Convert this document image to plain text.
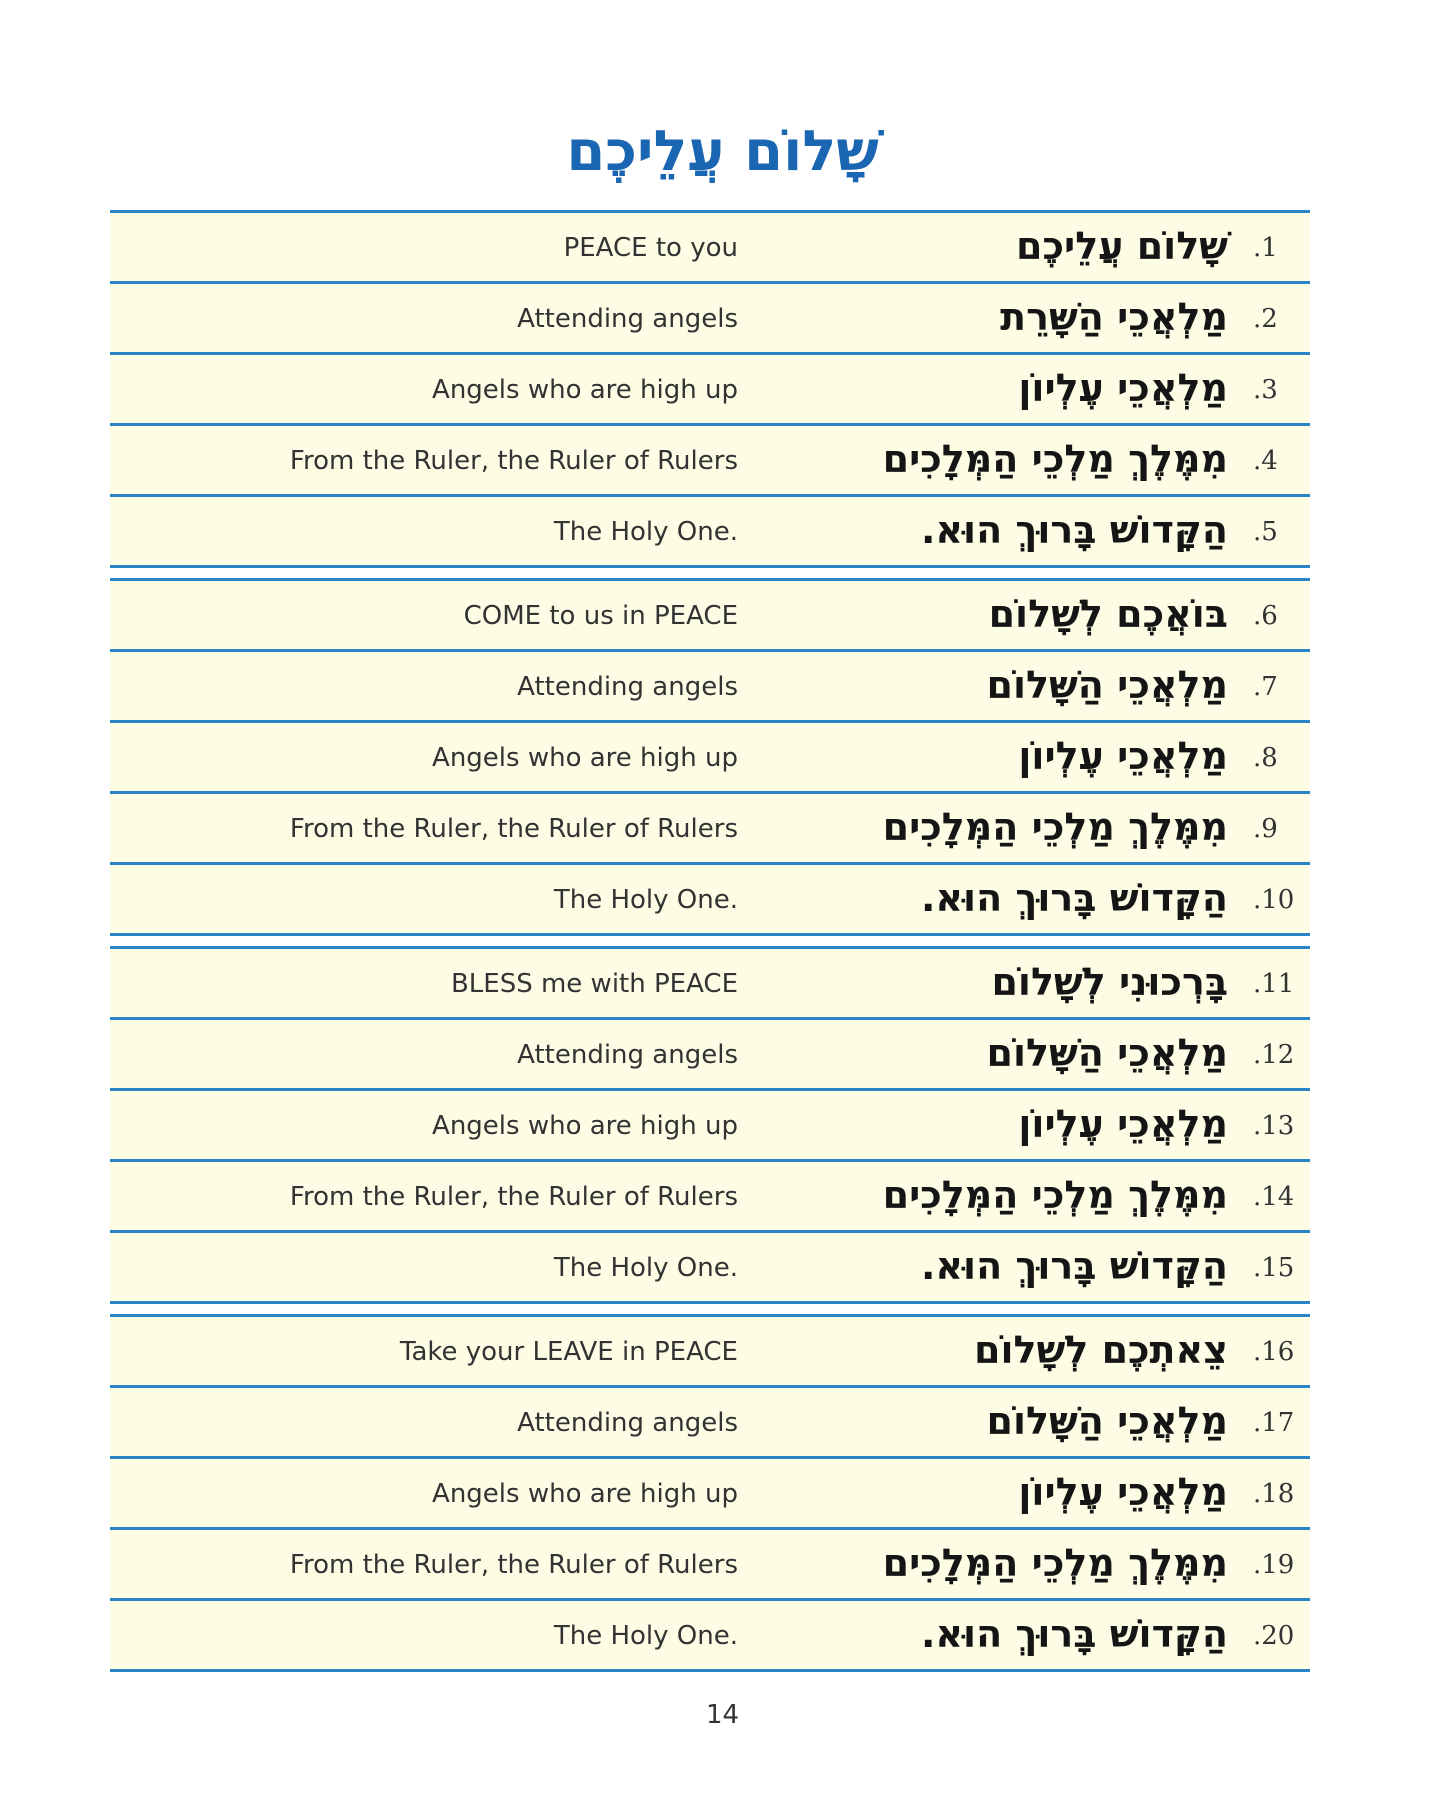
שָׁלוֹם עֲלֵיכֶם
PEACE to you	שָׁלוֹם עֲלֵיכֶם .1
Attending angels	מַלְאֲכֵי הַשָּׁרֵת .2
Angels who are high up	מַלְאֲכֵי עֶלְיוֹן .3
From the Ruler, the Ruler of Rulers	מִמֶּלֶךְ מַלְכֵי הַמְּלָכִים .4
The Holy One.	הַקָּדוֹשׁ בָּרוּךְ הוּא. .5
COME to us in PEACE	בּוֹאֲכֶם לְשָׁלוֹם .6
Attending angels	מַלְאֲכֵי הַשָּׁלוֹם .7
Angels who are high up	מַלְאֲכֵי עֶלְיוֹן .8
From the Ruler, the Ruler of Rulers	מִמֶּלֶךְ מַלְכֵי הַמְּלָכִים .9
The Holy One.	הַקָּדוֹשׁ בָּרוּךְ הוּא. .10
BLESS me with PEACE	בָּרְכוּנִי לְשָׁלוֹם .11
Attending angels	מַלְאֲכֵי הַשָּׁלוֹם .12
Angels who are high up	מַלְאֲכֵי עֶלְיוֹן .13
From the Ruler, the Ruler of Rulers	מִמֶּלֶךְ מַלְכֵי הַמְּלָכִים .14
The Holy One.	הַקָּדוֹשׁ בָּרוּךְ הוּא. .15
Take your LEAVE in PEACE	צֵאתְכֶם לְשָׁלוֹם .16
Attending angels	מַלְאֲכֵי הַשָּׁלוֹם .17
Angels who are high up	מַלְאֲכֵי עֶלְיוֹן .18
From the Ruler, the Ruler of Rulers	מִמֶּלֶךְ מַלְכֵי הַמְּלָכִים .19
The Holy One.	הַקָּדוֹשׁ בָּרוּךְ הוּא. .20
14
